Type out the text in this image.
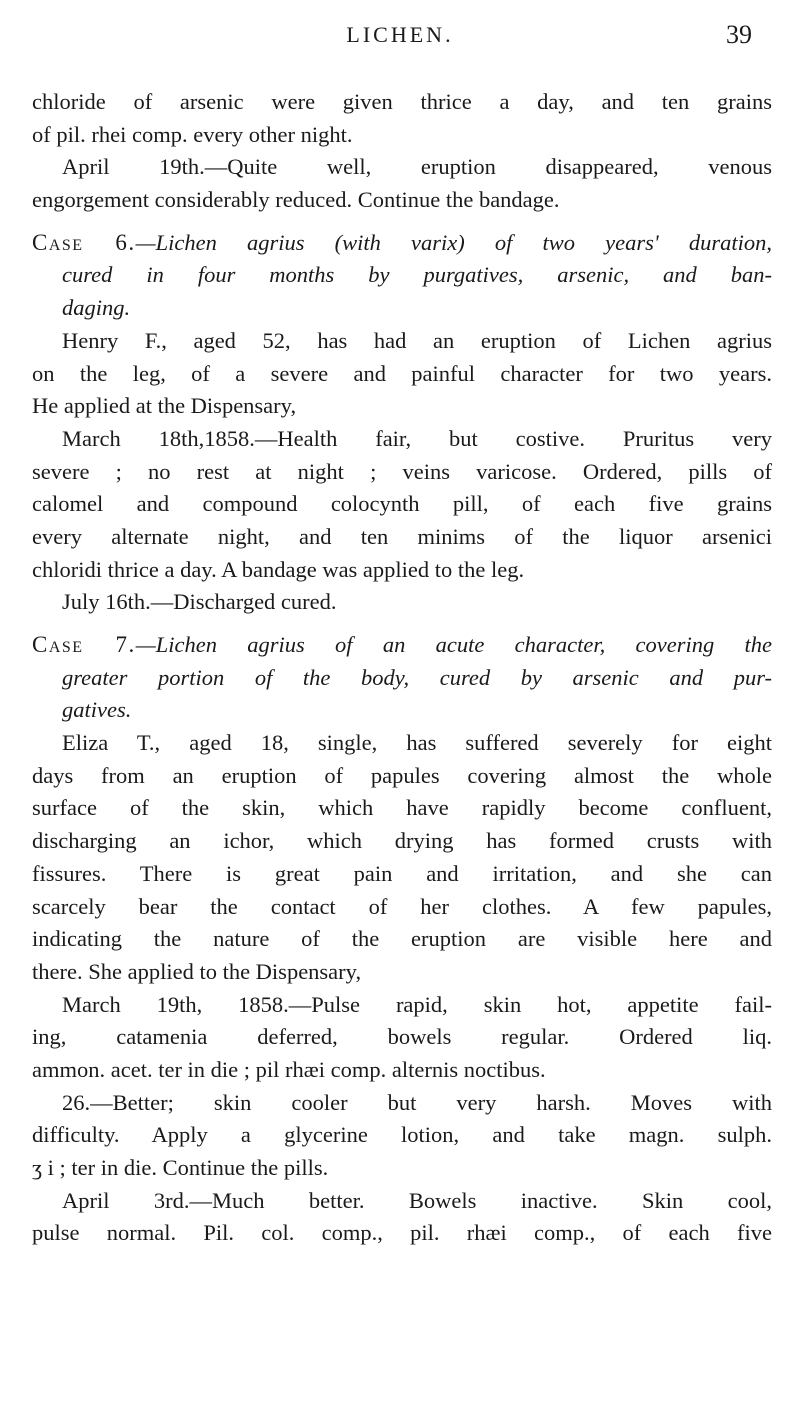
LICHEN.	39
chloride of arsenic were given thrice a day, and ten grains
of pil. rhei comp. every other night.
April 19th.—Quite well, eruption disappeared, venous
engorgement considerably reduced. Continue the bandage.
Case 6.—Lichen agrius (with varix) of two years' duration,
cured in four months by purgatives, arsenic, and ban-
daging.
Henry F., aged 52, has had an eruption of Lichen agrius
on the leg, of a severe and painful character for two years.
He applied at the Dispensary,
March 18th,1858.—Health fair, but costive. Pruritus very
severe ; no rest at night ; veins varicose. Ordered, pills of
calomel and compound colocynth pill, of each five grains
every alternate night, and ten minims of the liquor arsenici
chloridi thrice a day. A bandage was applied to the leg.
July 16th.—Discharged cured.
Case 7.—Lichen agrius of an acute character, covering the
greater portion of the body, cured by arsenic and pur-
gatives.
Eliza T., aged 18, single, has suffered severely for eight
days from an eruption of papules covering almost the whole
surface of the skin, which have rapidly become confluent,
discharging an ichor, which drying has formed crusts with
fissures. There is great pain and irritation, and she can
scarcely bear the contact of her clothes. A few papules,
indicating the nature of the eruption are visible here and
there. She applied to the Dispensary,
March 19th, 1858.—Pulse rapid, skin hot, appetite fail-
ing, catamenia deferred, bowels regular. Ordered liq.
ammon. acet. ter in die ; pil rhæi comp. alternis noctibus.
26.—Better; skin cooler but very harsh. Moves with
difficulty. Apply a glycerine lotion, and take magn. sulph.
ʒ i ; ter in die. Continue the pills.
April 3rd.—Much better. Bowels inactive. Skin cool,
pulse normal. Pil. col. comp., pil. rhæi comp., of each five
